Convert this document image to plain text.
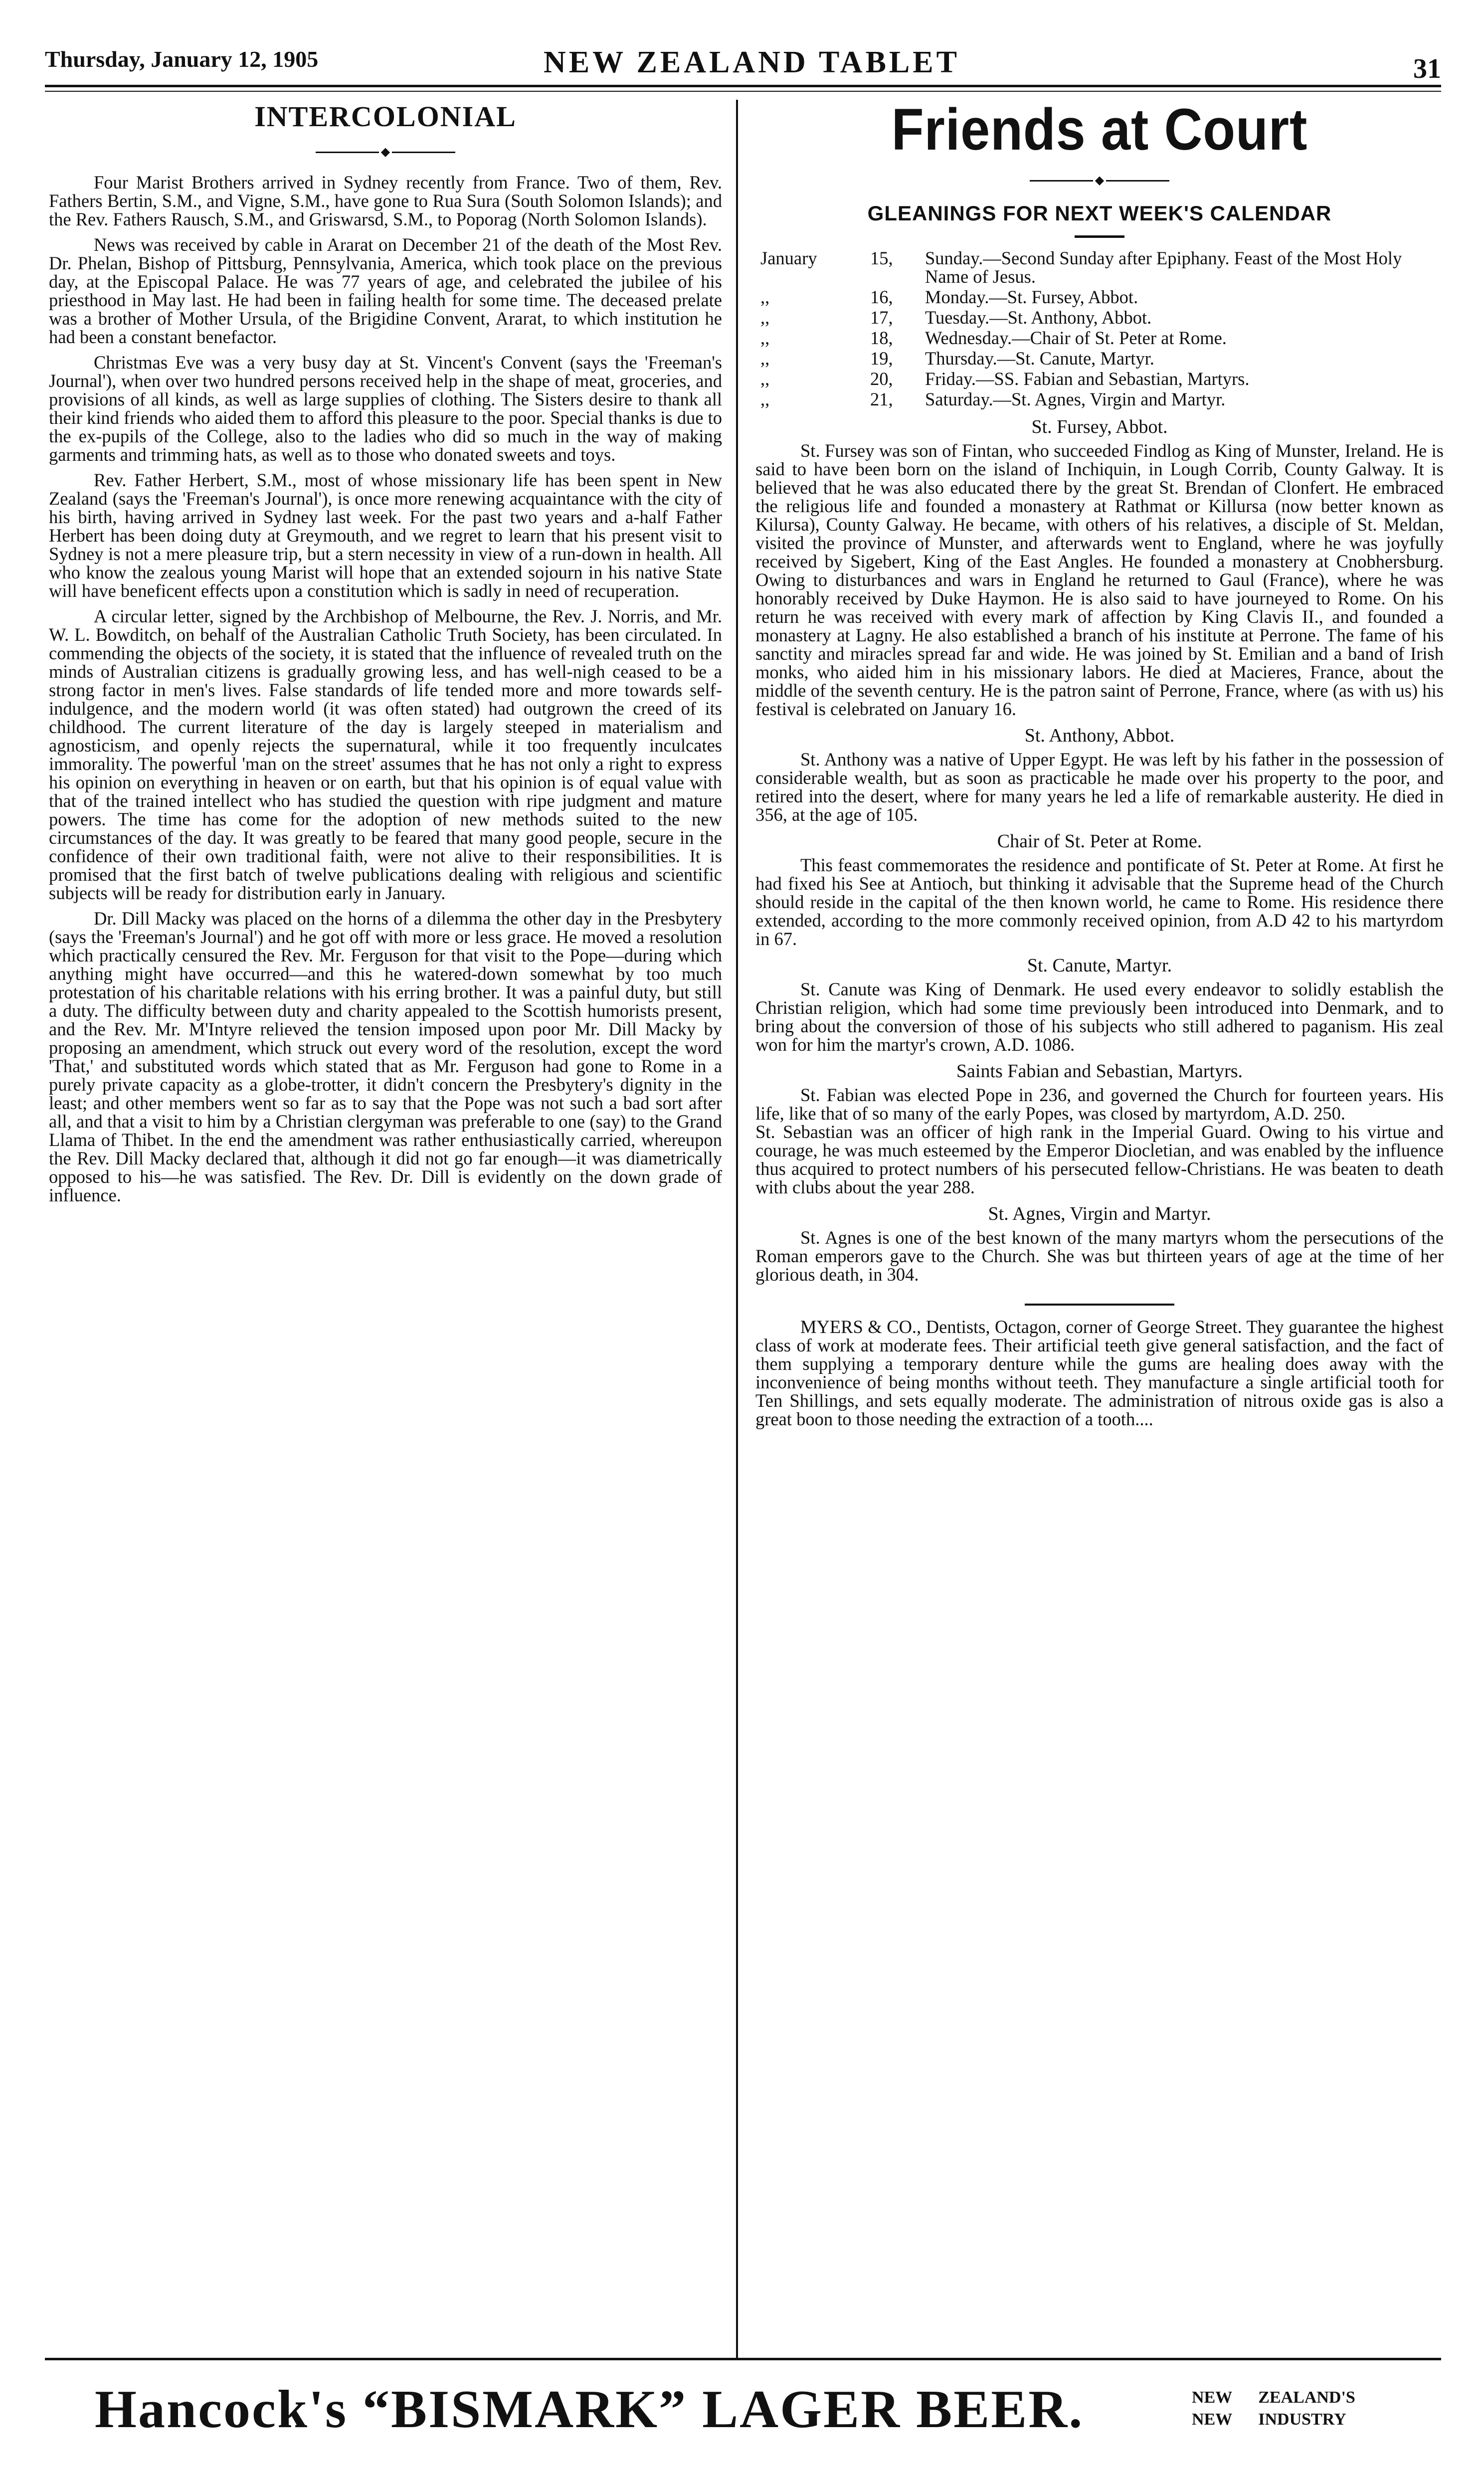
Thursday, January 12, 1905	NEW ZEALAND TABLET	31
INTERCOLONIAL
◆

Four Marist Brothers arrived in Sydney recently from France. Two of them, Rev. Fathers Bertin, S.M., and Vigne, S.M., have gone to Rua Sura (South Solomon Islands); and the Rev. Fathers Rausch, S.M., and Griswarsd, S.M., to Poporag (North Solomon Islands).

News was received by cable in Ararat on December 21 of the death of the Most Rev. Dr. Phelan, Bishop of Pittsburg, Pennsylvania, America, which took place on the previous day, at the Episcopal Palace. He was 77 years of age, and celebrated the jubilee of his priesthood in May last. He had been in failing health for some time. The deceased prelate was a brother of Mother Ursula, of the Brigidine Convent, Ararat, to which institution he had been a constant benefactor.

Christmas Eve was a very busy day at St. Vincent's Convent (says the 'Freeman's Journal'), when over two hundred persons received help in the shape of meat, groceries, and provisions of all kinds, as well as large supplies of clothing. The Sisters desire to thank all their kind friends who aided them to afford this pleasure to the poor. Special thanks is due to the ex-pupils of the College, also to the ladies who did so much in the way of making garments and trimming hats, as well as to those who donated sweets and toys.

Rev. Father Herbert, S.M., most of whose missionary life has been spent in New Zealand (says the 'Freeman's Journal'), is once more renewing acquaintance with the city of his birth, having arrived in Sydney last week. For the past two years and a-half Father Herbert has been doing duty at Greymouth, and we regret to learn that his present visit to Sydney is not a mere pleasure trip, but a stern necessity in view of a run-down in health. All who know the zealous young Marist will hope that an extended sojourn in his native State will have beneficent effects upon a constitution which is sadly in need of recuperation.

A circular letter, signed by the Archbishop of Melbourne, the Rev. J. Norris, and Mr. W. L. Bowditch, on behalf of the Australian Catholic Truth Society, has been circulated. In commending the objects of the society, it is stated that the influence of revealed truth on the minds of Australian citizens is gradually growing less, and has well-nigh ceased to be a strong factor in men's lives. False standards of life tended more and more towards self-indulgence, and the modern world (it was often stated) had outgrown the creed of its childhood. The current literature of the day is largely steeped in materialism and agnosticism, and openly rejects the supernatural, while it too frequently inculcates immorality. The powerful 'man on the street' assumes that he has not only a right to express his opinion on everything in heaven or on earth, but that his opinion is of equal value with that of the trained intellect who has studied the question with ripe judgment and mature powers. The time has come for the adoption of new methods suited to the new circumstances of the day. It was greatly to be feared that many good people, secure in the confidence of their own traditional faith, were not alive to their responsibilities. It is promised that the first batch of twelve publications dealing with religious and scientific subjects will be ready for distribution early in January.

Dr. Dill Macky was placed on the horns of a dilemma the other day in the Presbytery (says the 'Freeman's Journal') and he got off with more or less grace. He moved a resolution which practically censured the Rev. Mr. Ferguson for that visit to the Pope—during which anything might have occurred—and this he watered-down somewhat by too much protestation of his charitable relations with his erring brother. It was a painful duty, but still a duty. The difficulty between duty and charity appealed to the Scottish humorists present, and the Rev. Mr. M'Intyre relieved the tension imposed upon poor Mr. Dill Macky by proposing an amendment, which struck out every word of the resolution, except the word 'That,' and substituted words which stated that as Mr. Ferguson had gone to Rome in a purely private capacity as a globe-trotter, it didn't concern the Presbytery's dignity in the least; and other members went so far as to say that the Pope was not such a bad sort after all, and that a visit to him by a Christian clergyman was preferable to one (say) to the Grand Llama of Thibet. In the end the amendment was rather enthusiastically carried, whereupon the Rev. Dill Macky declared that, although it did not go far enough—it was diametrically opposed to his—he was satisfied. The Rev. Dr. Dill is evidently on the down grade of influence.

Friends at Court
◆
GLEANINGS FOR NEXT WEEK'S CALENDAR
January	15,	Sunday.—Second Sunday after Epiphany. Feast of the Most Holy Name of Jesus.
,,	16,	Monday.—St. Fursey, Abbot.
,,	17,	Tuesday.—St. Anthony, Abbot.
,,	18,	Wednesday.—Chair of St. Peter at Rome.
,,	19,	Thursday.—St. Canute, Martyr.
,,	20,	Friday.—SS. Fabian and Sebastian, Martyrs.
,,	21,	Saturday.—St. Agnes, Virgin and Martyr.
St. Fursey, Abbot.

St. Fursey was son of Fintan, who succeeded Findlog as King of Munster, Ireland. He is said to have been born on the island of Inchiquin, in Lough Corrib, County Galway. It is believed that he was also educated there by the great St. Brendan of Clonfert. He embraced the religious life and founded a monastery at Rathmat or Killursa (now better known as Kilursa), County Galway. He became, with others of his relatives, a disciple of St. Meldan, visited the province of Munster, and afterwards went to England, where he was joyfully received by Sigebert, King of the East Angles. He founded a monastery at Cnobhersburg. Owing to disturbances and wars in England he returned to Gaul (France), where he was honorably received by Duke Haymon. He is also said to have journeyed to Rome. On his return he was received with every mark of affection by King Clavis II., and founded a monastery at Lagny. He also established a branch of his institute at Perrone. The fame of his sanctity and miracles spread far and wide. He was joined by St. Emilian and a band of Irish monks, who aided him in his missionary labors. He died at Macieres, France, about the middle of the seventh century. He is the patron saint of Perrone, France, where (as with us) his festival is celebrated on January 16.

St. Anthony, Abbot.

St. Anthony was a native of Upper Egypt. He was left by his father in the possession of considerable wealth, but as soon as practicable he made over his property to the poor, and retired into the desert, where for many years he led a life of remarkable austerity. He died in 356, at the age of 105.

Chair of St. Peter at Rome.

This feast commemorates the residence and pontificate of St. Peter at Rome. At first he had fixed his See at Antioch, but thinking it advisable that the Supreme head of the Church should reside in the capital of the then known world, he came to Rome. His residence there extended, according to the more commonly received opinion, from A.D 42 to his martyrdom in 67.

St. Canute, Martyr.

St. Canute was King of Denmark. He used every endeavor to solidly establish the Christian religion, which had some time previously been introduced into Denmark, and to bring about the conversion of those of his subjects who still adhered to paganism. His zeal won for him the martyr's crown, A.D. 1086.

Saints Fabian and Sebastian, Martyrs.

St. Fabian was elected Pope in 236, and governed the Church for fourteen years. His life, like that of so many of the early Popes, was closed by martyrdom, A.D. 250.
St. Sebastian was an officer of high rank in the Imperial Guard. Owing to his virtue and courage, he was much esteemed by the Emperor Diocletian, and was enabled by the influence thus acquired to protect numbers of his persecuted fellow-Christians. He was beaten to death with clubs about the year 288.

St. Agnes, Virgin and Martyr.

St. Agnes is one of the best known of the many martyrs whom the persecutions of the Roman emperors gave to the Church. She was but thirteen years of age at the time of her glorious death, in 304.

MYERS & CO., Dentists, Octagon, corner of George Street. They guarantee the highest class of work at moderate fees. Their artificial teeth give general satisfaction, and the fact of them supplying a temporary denture while the gums are healing does away with the inconvenience of being months without teeth. They manufacture a single artificial tooth for Ten Shillings, and sets equally moderate. The administration of nitrous oxide gas is also a great boon to those needing the extraction of a tooth....

Hancock's “BISMARK” LAGER BEER.	NEW ZEALAND'S
NEW INDUSTRY
